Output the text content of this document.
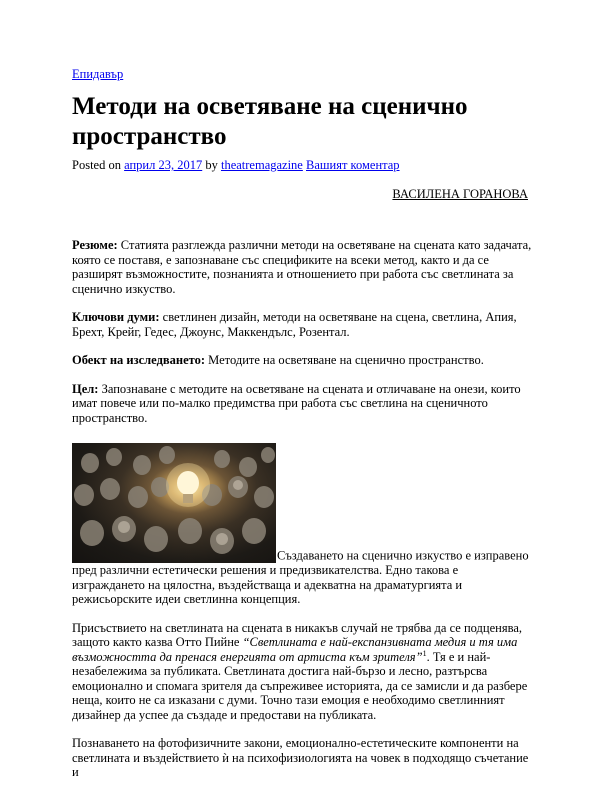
Епидавър
Методи на осветяване на сценично пространство
Posted on април 23, 2017 by theatremagazine Вашият коментар
ВАСИЛЕНА ГОРАНОВА

Резюме: Статията разглежда различни методи на осветяване на сцената като задачата, която се поставя, е запознаване със спецификите на всеки метод, както и да се разширят възможностите, познанията и отношението при работа със светлината за сценично изкуство.

Ключови думи: светлинен дизайн, методи на осветяване на сцена, светлина, Апия, Брехт, Крейг, Гедес, Джоунс, Маккендълс, Розентал.

Обект на изследването: Методите на осветяване на сценично пространство.

Цел: Запознаване с методите на осветяване на сцената и отличаване на онези, които имат повече или по-малко предимства при работа със светлина на сценичното пространство.

Създаването на сценично изкуство е изправено пред различни естетически решения и предизвикателства. Едно такова е изграждането на цялостна, въздействаща и адекватна на драматургията и режисьорските идеи светлинна концепция.

Присъствието на светлината на сцената в никакъв случай не трябва да се подценява, защото както казва Отто Пийне “Светлината е най-експанзивната медия и тя има възможността да пренася енергията от артиста към зрителя”$^1$. Тя е и най-незабележима за публиката. Светлината достига най-бързо и лесно, разтърсва емоционално и спомага зрителя да съпреживее историята, да се замисли и да разбере неща, които не са изказани с думи. Точно тази емоция е необходимо светлинният дизайнер да успее да създаде и предостави на публиката.

Познаването на фотофизичните закони, емоционално-естетическите компоненти на светлината и въздействието ѝ на психофизиологията на човек в подходящо съчетание и
